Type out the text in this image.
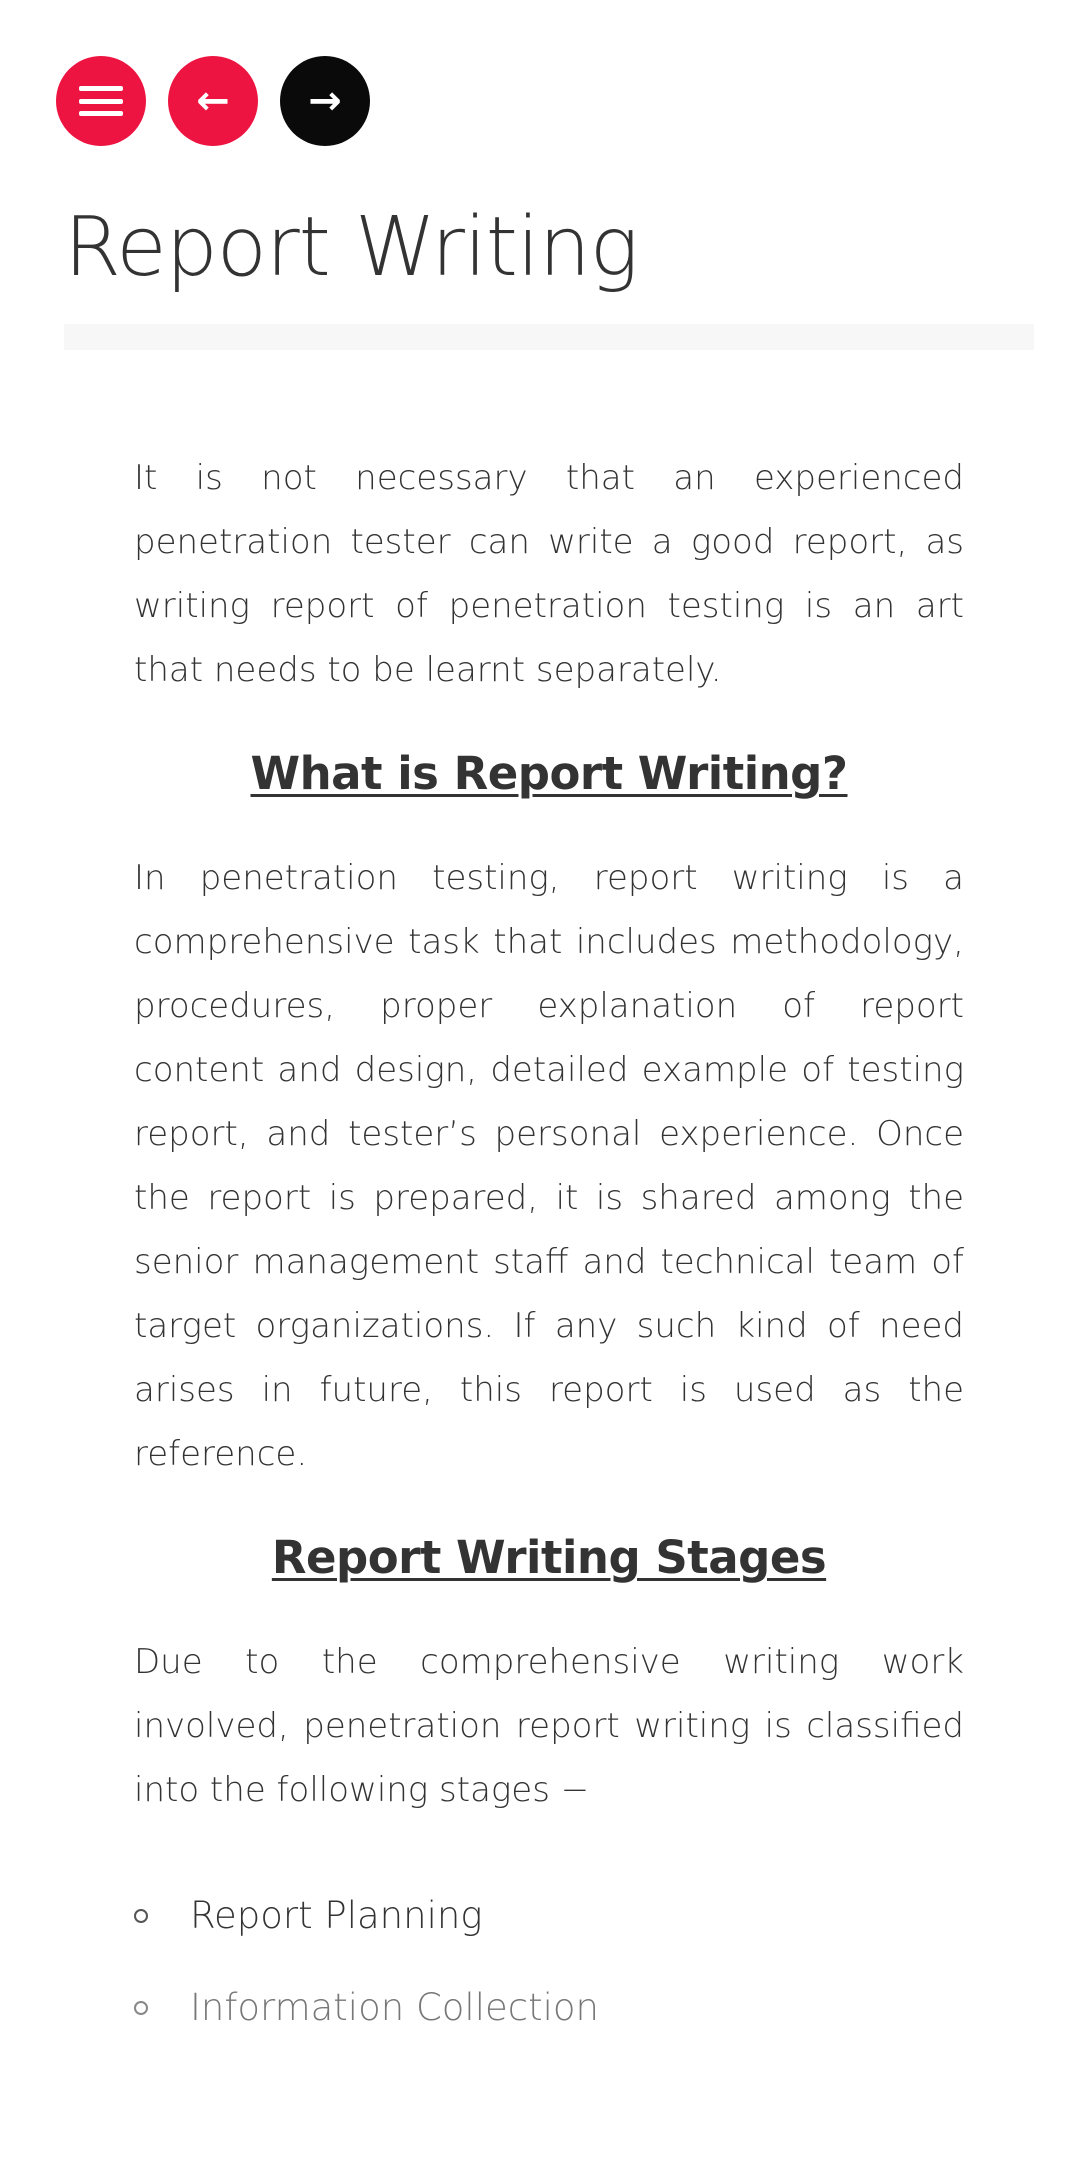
← →
Report Writing

It is not necessary that an experienced penetration tester can write a good report, as writing report of penetration testing is an art that needs to be learnt separately.

What is Report Writing?

In penetration testing, report writing is a comprehensive task that includes methodology, procedures, proper explanation of report content and design, detailed example of testing report, and tester’s personal experience. Once the report is prepared, it is shared among the senior management staff and technical team of target organizations. If any such kind of need arises in future, this report is used as the reference.

Report Writing Stages

Due to the comprehensive writing work involved, penetration report writing is classified into the following stages −

Report Planning
Information Collection
